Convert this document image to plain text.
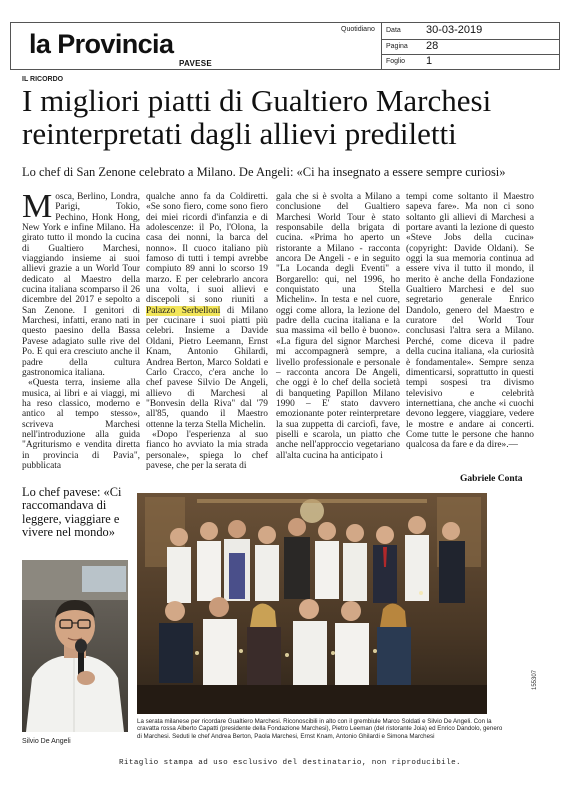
la Provincia
PAVESE
Quotidiano Data 30-03-2019
Pagina 28
Foglio 1
IL RICORDO
I migliori piatti di Gualtiero Marchesi
reinterpretati dagli allievi prediletti
Lo chef di San Zenone celebrato a Milano. De Angeli: «Ci ha insegnato a essere sempre curiosi»

Mosca, Berlino, Londra, Parigi, Tokio, Pechino, Honk Hong, New York e infine Milano. Ha girato tutto il mondo la cucina di Gualtiero Marchesi, viaggiando insieme ai suoi allievi grazie a un World Tour dedicato al Maestro della cucina italiana scomparso il 26 dicembre del 2017 e sepolto a San Zenone. I genitori di Marchesi, infatti, erano nati in questo paesino della Bassa Pavese adagiato sulle rive del Po. E qui era cresciuto anche il padre della cultura gastronomica italiana.

«Questa terra, insieme alla musica, ai libri e ai viaggi, mi ha reso classico, moderno e antico al tempo stesso», scriveva Marchesi nell'introduzione alla guida "Agriturismo e vendita diretta in provincia di Pavia", pubblicata

qualche anno fa da Coldiretti. «Se sono fiero, come sono fiero dei miei ricordi d'infanzia e di adolescenze: il Po, l'Olona, la casa dei nonni, la barca del nonno». Il cuoco italiano più famoso di tutti i tempi avrebbe compiuto 89 anni lo scorso 19 marzo. E per celebrarlo ancora una volta, i suoi allievi e discepoli si sono riuniti a Palazzo Serbelloni di Milano per cucinare i suoi piatti più celebri. Insieme a Davide Oldani, Pietro Leemann, Ernst Knam, Antonio Ghilardi, Andrea Berton, Marco Soldati e Carlo Cracco, c'era anche lo chef pavese Silvio De Angeli, allievo di Marchesi al "Bonvesin della Riva" dal '79 all'85, quando il Maestro ottenne la terza Stella Michelin.

«Dopo l'esperienza al suo fianco ho avviato la mia strada personale», spiega lo chef pavese, che per la serata di

gala che si è svolta a Milano a conclusione del Gualtiero Marchesi World Tour è stato responsabile della brigata di cucina. «Prima ho aperto un ristorante a Milano - racconta ancora De Angeli - e in seguito "La Locanda degli Eventi" a Borgarello: qui, nel 1996, ho conquistato una Stella Michelin». In testa e nel cuore, oggi come allora, la lezione del padre della cucina italiana e la sua massima «il bello è buono». «La figura del signor Marchesi mi accompagnerà sempre, a livello professionale e personale – racconta ancora De Angeli, che oggi è lo chef della società di banqueting Papillon Milano 1990 – E' stato davvero emozionante poter reinterpretare la sua zuppetta di carciofi, fave, piselli e scarola, un piatto che anche nell'approccio vegetariano all'alta cucina ha anticipato i

tempi come soltanto il Maestro sapeva fare». Ma non ci sono soltanto gli allievi di Marchesi a portare avanti la lezione di questo «Steve Jobs della cucina» (copyright: Davide Oldani). Se oggi la sua memoria continua ad essere viva il tutto il mondo, il merito è anche della Fondazione Gualtiero Marchesi e del suo segretario generale Enrico Dandolo, genero del Maestro e curatore del World Tour conclusasi l'altra sera a Milano. Perché, come diceva il padre della cucina italiana, «la curiosità è fondamentale». Sempre senza dimenticarsi, soprattutto in questi tempi sospesi tra divismo televisivo e celebrità internettiana, che anche «i cuochi devono leggere, viaggiare, vedere le mostre e andare ai concerti. Come tutte le persone che hanno qualcosa da fare e da dire».—

Gabriele Conta
Lo chef pavese: «Ci raccomandava di leggere, viaggiare e vivere nel mondo»
Silvio De Angeli
La serata milanese per ricordare Gualtiero Marchesi. Riconoscibili in alto con il grembiule Marco Soldati e Silvio De Angeli. Con la cravatta rossa Alberto Capatti (presidente della Fondazione Marchesi), Pietro Leeman (del ristorante Joia) ed Enrico Dandolo, genero di Marchesi. Seduti le chef Andrea Berton, Paola Marchesi, Ernst Knam, Antonio Ghilardi e Simona Marchesi
155307
Ritaglio stampa ad uso esclusivo del destinatario, non riproducibile.
